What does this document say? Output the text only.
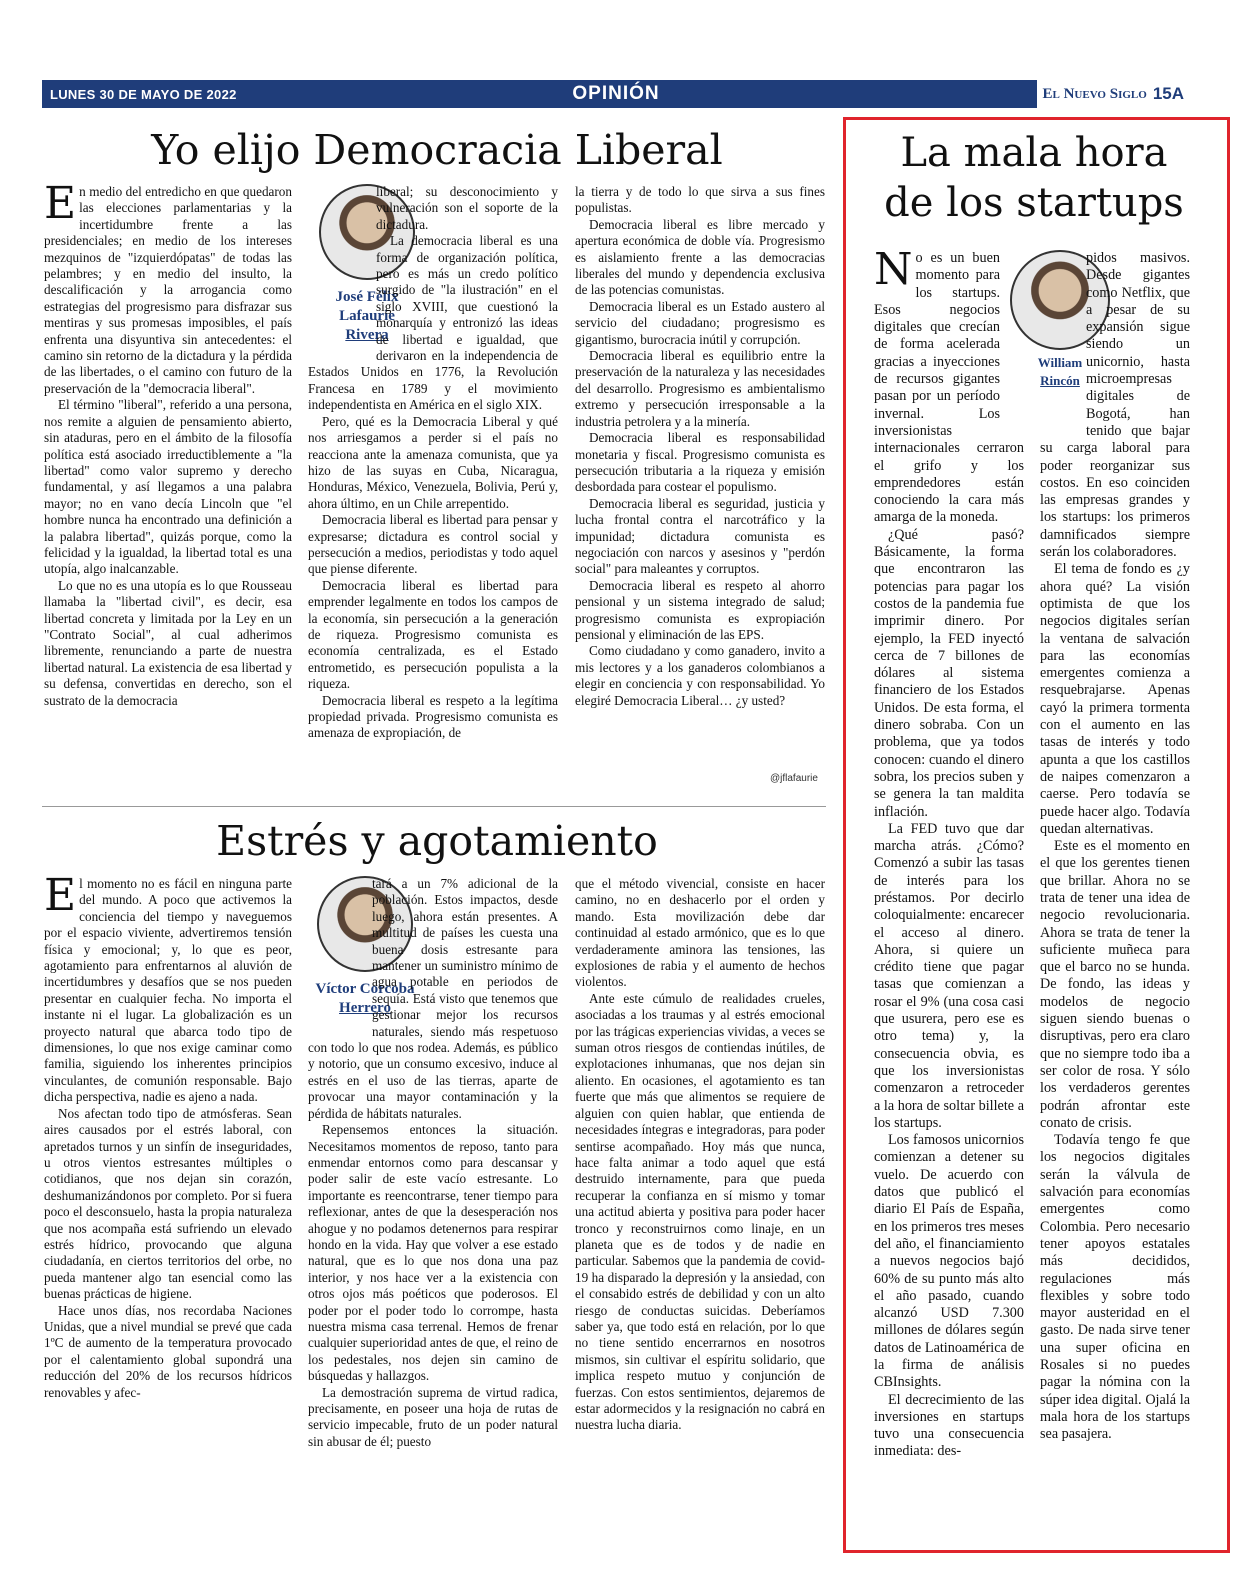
LUNES 30 DE MAYO DE 2022	OPINIÓN	El Nuevo Siglo 15A
Yo elijo Democracia Liberal
José Félix
Lafaurie
Rivera

En medio del entredicho en que quedaron las elecciones parlamentarias y la incertidumbre frente a las presidenciales; en medio de los intereses mezquinos de "izquierdópatas" de todas las pelambres; y en medio del insulto, la descalificación y la arrogancia como estrategias del progresismo para disfrazar sus mentiras y sus promesas imposibles, el país enfrenta una disyuntiva sin antecedentes: el camino sin retorno de la dictadura y la pérdida de las libertades, o el camino con futuro de la preservación de la "democracia liberal".

El término "liberal", referido a una persona, nos remite a alguien de pensamiento abierto, sin ataduras, pero en el ámbito de la filosofía política está asociado irreductiblemente a "la libertad" como valor supremo y derecho fundamental, y así llegamos a una palabra mayor; no en vano decía Lincoln que "el hombre nunca ha encontrado una definición a la palabra libertad", quizás porque, como la felicidad y la igualdad, la libertad total es una utopía, algo inalcanzable.

Lo que no es una utopía es lo que Rousseau llamaba la "libertad civil", es decir, esa libertad concreta y limitada por la Ley en un "Contrato Social", al cual adherimos libremente, renunciando a parte de nuestra libertad natural. La existencia de esa libertad y su defensa, convertidas en derecho, son el sustrato de la democracia

liberal; su desconocimiento y vulneración son el soporte de la dictadura.

La democracia liberal es una forma de organización política, pero es más un credo político surgido de "la ilustración" en el siglo XVIII, que cuestionó la monarquía y entronizó las ideas de libertad e igualdad, que derivaron en la independencia de Estados Unidos en 1776, la Revolución Francesa en 1789 y el movimiento independentista en América en el siglo XIX.

Pero, qué es la Democracia Liberal y qué nos arriesgamos a perder si el país no reacciona ante la amenaza comunista, que ya hizo de las suyas en Cuba, Nicaragua, Honduras, México, Venezuela, Bolivia, Perú y, ahora último, en un Chile arrepentido.

Democracia liberal es libertad para pensar y expresarse; dictadura es control social y persecución a medios, periodistas y todo aquel que piense diferente.

Democracia liberal es libertad para emprender legalmente en todos los campos de la economía, sin persecución a la generación de riqueza. Progresismo comunista es economía centralizada, es el Estado entrometido, es persecución populista a la riqueza.

Democracia liberal es respeto a la legítima propiedad privada. Progresismo comunista es amenaza de expropiación, de

la tierra y de todo lo que sirva a sus fines populistas.

Democracia liberal es libre mercado y apertura económica de doble vía. Progresismo es aislamiento frente a las democracias liberales del mundo y dependencia exclusiva de las potencias comunistas.

Democracia liberal es un Estado austero al servicio del ciudadano; progresismo es gigantismo, burocracia inútil y corrupción.

Democracia liberal es equilibrio entre la preservación de la naturaleza y las necesidades del desarrollo. Progresismo es ambientalismo extremo y persecución irresponsable a la industria petrolera y a la minería.

Democracia liberal es responsabilidad monetaria y fiscal. Progresismo comunista es persecución tributaria a la riqueza y emisión desbordada para costear el populismo.

Democracia liberal es seguridad, justicia y lucha frontal contra el narcotráfico y la impunidad; dictadura comunista es negociación con narcos y asesinos y "perdón social" para maleantes y corruptos.

Democracia liberal es respeto al ahorro pensional y un sistema integrado de salud; progresismo comunista es expropiación pensional y eliminación de las EPS.

Como ciudadano y como ganadero, invito a mis lectores y a los ganaderos colombianos a elegir en conciencia y con responsabilidad. Yo elegiré Democracia Liberal… ¿y usted?

@jflafaurie
Estrés y agotamiento
Víctor Corcoba
Herrero

El momento no es fácil en ninguna parte del mundo. A poco que activemos la conciencia del tiempo y naveguemos por el espacio viviente, advertiremos tensión física y emocional; y, lo que es peor, agotamiento para enfrentarnos al aluvión de incertidumbres y desafíos que se nos pueden presentar en cualquier fecha. No importa el instante ni el lugar. La globalización es un proyecto natural que abarca todo tipo de dimensiones, lo que nos exige caminar como familia, siguiendo los inherentes principios vinculantes, de comunión responsable. Bajo dicha perspectiva, nadie es ajeno a nada.

Nos afectan todo tipo de atmósferas. Sean aires causados por el estrés laboral, con apretados turnos y un sinfín de inseguridades, u otros vientos estresantes múltiples o cotidianos, que nos dejan sin corazón, deshumanizándonos por completo. Por si fuera poco el desconsuelo, hasta la propia naturaleza que nos acompaña está sufriendo un elevado estrés hídrico, provocando que alguna ciudadanía, en ciertos territorios del orbe, no pueda mantener algo tan esencial como las buenas prácticas de higiene.

Hace unos días, nos recordaba Naciones Unidas, que a nivel mundial se prevé que cada 1ºC de aumento de la temperatura provocado por el calentamiento global supondrá una reducción del 20% de los recursos hídricos renovables y afec-

tará a un 7% adicional de la población. Estos impactos, desde luego, ahora están presentes. A multitud de países les cuesta una buena dosis estresante para mantener un suministro mínimo de agua potable en periodos de sequía. Está visto que tenemos que gestionar mejor los recursos naturales, siendo más respetuoso con todo lo que nos rodea. Además, es público y notorio, que un consumo excesivo, induce al estrés en el uso de las tierras, aparte de provocar una mayor contaminación y la pérdida de hábitats naturales.

Repensemos entonces la situación. Necesitamos momentos de reposo, tanto para enmendar entornos como para descansar y poder salir de este vacío estresante. Lo importante es reencontrarse, tener tiempo para reflexionar, antes de que la desesperación nos ahogue y no podamos detenernos para respirar hondo en la vida. Hay que volver a ese estado natural, que es lo que nos dona una paz interior, y nos hace ver a la existencia con otros ojos más poéticos que poderosos. El poder por el poder todo lo corrompe, hasta nuestra misma casa terrenal. Hemos de frenar cualquier superioridad antes de que, el reino de los pedestales, nos dejen sin camino de búsquedas y hallazgos.

La demostración suprema de virtud radica, precisamente, en poseer una hoja de rutas de servicio impecable, fruto de un poder natural sin abusar de él; puesto

que el método vivencial, consiste en hacer camino, no en deshacerlo por el orden y mando. Esta movilización debe dar continuidad al estado armónico, que es lo que verdaderamente aminora las tensiones, las explosiones de rabia y el aumento de hechos violentos.

Ante este cúmulo de realidades crueles, asociadas a los traumas y al estrés emocional por las trágicas experiencias vividas, a veces se suman otros riesgos de contiendas inútiles, de explotaciones inhumanas, que nos dejan sin aliento. En ocasiones, el agotamiento es tan fuerte que más que alimentos se requiere de alguien con quien hablar, que entienda de necesidades íntegras e integradoras, para poder sentirse acompañado. Hoy más que nunca, hace falta animar a todo aquel que está destruido internamente, para que pueda recuperar la confianza en sí mismo y tomar una actitud abierta y positiva para poder hacer tronco y reconstruirnos como linaje, en un planeta que es de todos y de nadie en particular. Sabemos que la pandemia de covid-19 ha disparado la depresión y la ansiedad, con el consabido estrés de debilidad y con un alto riesgo de conductas suicidas. Deberíamos saber ya, que todo está en relación, por lo que no tiene sentido encerrarnos en nosotros mismos, sin cultivar el espíritu solidario, que implica respeto mutuo y conjunción de fuerzas. Con estos sentimientos, dejaremos de estar adormecidos y la resignación no cabrá en nuestra lucha diaria.

La mala hora
de los startups
William
Rincón

No es un buen momento para los startups. Esos negocios digitales que crecían de forma acelerada gracias a inyecciones de recursos gigantes pasan por un período invernal. Los inversionistas internacionales cerraron el grifo y los emprendedores están conociendo la cara más amarga de la moneda.

¿Qué pasó? Básicamente, la forma que encontraron las potencias para pagar los costos de la pandemia fue imprimir dinero. Por ejemplo, la FED inyectó cerca de 7 billones de dólares al sistema financiero de los Estados Unidos. De esta forma, el dinero sobraba. Con un problema, que ya todos conocen: cuando el dinero sobra, los precios suben y se genera la tan maldita inflación.

La FED tuvo que dar marcha atrás. ¿Cómo? Comenzó a subir las tasas de interés para los préstamos. Por decirlo coloquialmente: encarecer el acceso al dinero. Ahora, si quiere un crédito tiene que pagar tasas que comienzan a rosar el 9% (una cosa casi que usurera, pero ese es otro tema) y, la consecuencia obvia, es que los inversionistas comenzaron a retroceder a la hora de soltar billete a los startups.

Los famosos unicornios comienzan a detener su vuelo. De acuerdo con datos que publicó el diario El País de España, en los primeros tres meses del año, el financiamiento a nuevos negocios bajó 60% de su punto más alto el año pasado, cuando alcanzó USD 7.300 millones de dólares según datos de Latinoamérica de la firma de análisis CBInsights.

El decrecimiento de las inversiones en startups tuvo una consecuencia inmediata: des-

pidos masivos. Desde gigantes como Netflix, que a pesar de su expansión sigue siendo un unicornio, hasta microempresas digitales de Bogotá, han tenido que bajar su carga laboral para poder reorganizar sus costos. En eso coinciden las empresas grandes y los startups: los primeros damnificados siempre serán los colaboradores.

El tema de fondo es ¿y ahora qué? La visión optimista de que los negocios digitales serían la ventana de salvación para las economías emergentes comienza a resquebrajarse. Apenas cayó la primera tormenta con el aumento en las tasas de interés y todo apunta a que los castillos de naipes comenzaron a caerse. Pero todavía se puede hacer algo. Todavía quedan alternativas.

Este es el momento en el que los gerentes tienen que brillar. Ahora no se trata de tener una idea de negocio revolucionaria. Ahora se trata de tener la suficiente muñeca para que el barco no se hunda. De fondo, las ideas y modelos de negocio siguen siendo buenas o disruptivas, pero era claro que no siempre todo iba a ser color de rosa. Y sólo los verdaderos gerentes podrán afrontar este conato de crisis.

Todavía tengo fe que los negocios digitales serán la válvula de salvación para economías emergentes como Colombia. Pero necesario tener apoyos estatales más decididos, regulaciones más flexibles y sobre todo mayor austeridad en el gasto. De nada sirve tener una super oficina en Rosales si no puedes pagar la nómina con la súper idea digital. Ojalá la mala hora de los startups sea pasajera.
